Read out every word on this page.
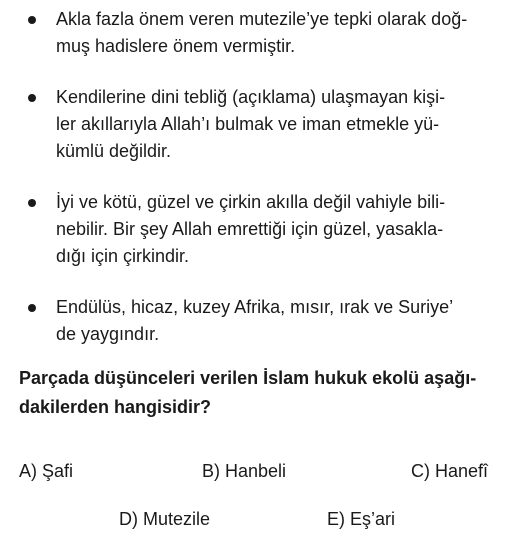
Akla fazla önem veren mutezile’ye tepki olarak doğ-
muş hadislere önem vermiştir.
Kendilerine dini tebliğ (açıklama) ulaşmayan kişi-
ler akıllarıyla Allah’ı bulmak ve iman etmekle yü-
kümlü değildir.
İyi ve kötü, güzel ve çirkin akılla değil vahiyle bili-
nebilir. Bir şey Allah emrettiği için güzel, yasakla-
dığı için çirkindir.
Endülüs, hicaz, kuzey Afrika, mısır, ırak ve Suriye’
de yaygındır.
Parçada düşünceleri verilen İslam hukuk ekolü aşağı-
dakilerden hangisidir?
A) Şafi	B) Hanbeli	C) Hanefî
D) Mutezile	E) Eş’ari
